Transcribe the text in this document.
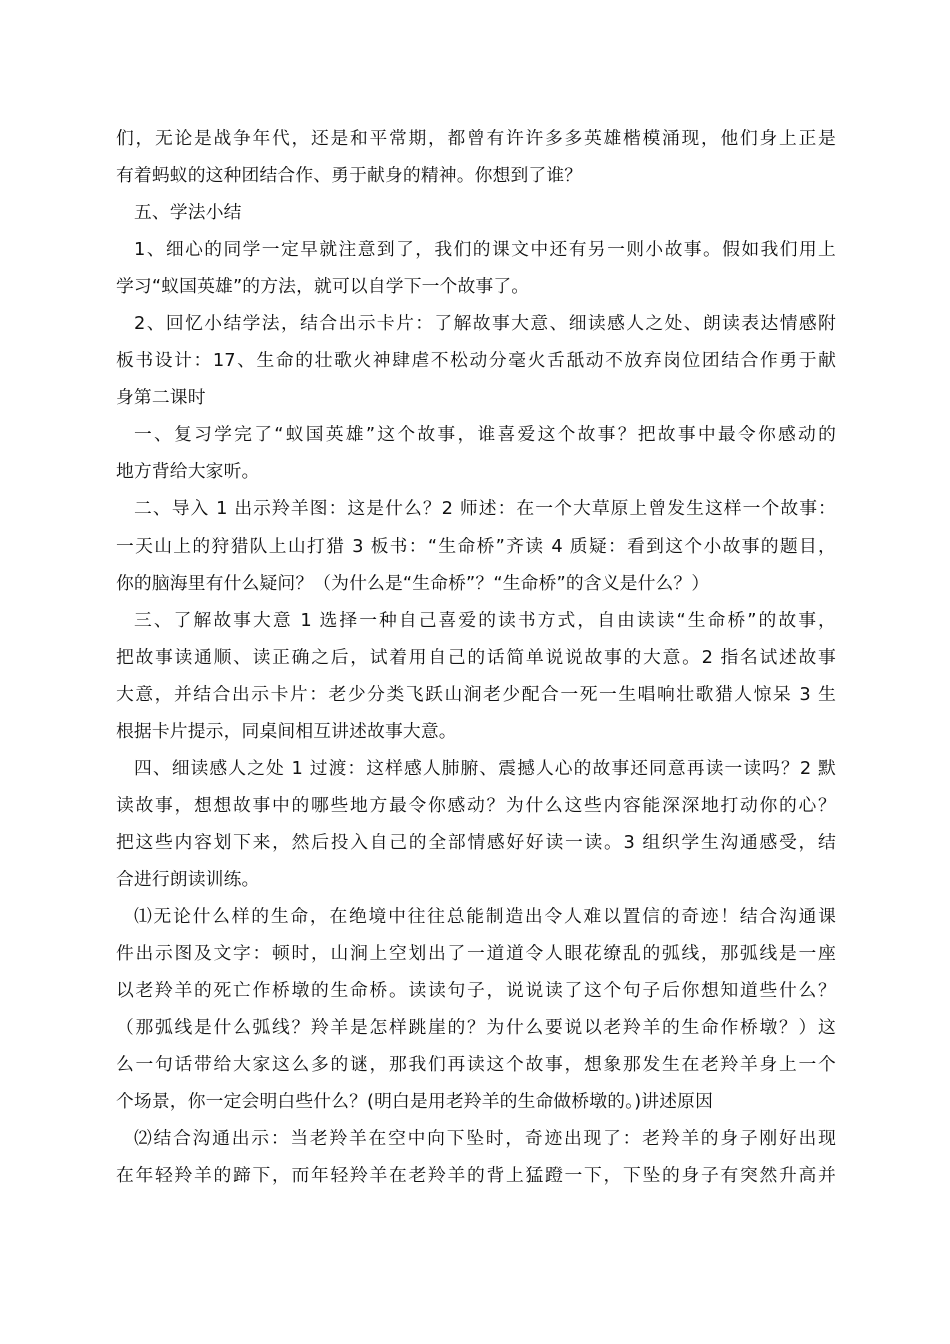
们，无论是战争年代，还是和平常期，都曾有许许多多英雄楷模涌现，他们身上正是
有着蚂蚁的这种团结合作、勇于献身的精神。你想到了谁？
五、学法小结
1、细心的同学一定早就注意到了，我们的课文中还有另一则小故事。假如我们用上
学习“蚁国英雄”的方法，就可以自学下一个故事了。
2、回忆小结学法，结合出示卡片：了解故事大意、细读感人之处、朗读表达情感附
板书设计：17、生命的壮歌火神肆虐不松动分毫火舌舐动不放弃岗位团结合作勇于献
身第二课时
一、复习学完了“蚁国英雄”这个故事，谁喜爱这个故事？把故事中最令你感动的
地方背给大家听。
二、导入 1 出示羚羊图：这是什么？2 师述：在一个大草原上曾发生这样一个故事：
一天山上的狩猎队上山打猎 3 板书：“生命桥”齐读 4 质疑：看到这个小故事的题目，
你的脑海里有什么疑问？（为什么是“生命桥”？“生命桥”的含义是什么？）
三、了解故事大意 1 选择一种自己喜爱的读书方式，自由读读“生命桥”的故事，
把故事读通顺、读正确之后，试着用自己的话简单说说故事的大意。2 指名试述故事
大意，并结合出示卡片：老少分类飞跃山涧老少配合一死一生唱响壮歌猎人惊呆 3 生
根据卡片提示，同桌间相互讲述故事大意。
四、细读感人之处 1 过渡：这样感人肺腑、震撼人心的故事还同意再读一读吗？2 默
读故事，想想故事中的哪些地方最令你感动？为什么这些内容能深深地打动你的心？
把这些内容划下来，然后投入自己的全部情感好好读一读。3 组织学生沟通感受，结
合进行朗读训练。
⑴无论什么样的生命，在绝境中往往总能制造出令人难以置信的奇迹！结合沟通课
件出示图及文字：顿时，山涧上空划出了一道道令人眼花缭乱的弧线，那弧线是一座
以老羚羊的死亡作桥墩的生命桥。读读句子，说说读了这个句子后你想知道些什么？
（那弧线是什么弧线？羚羊是怎样跳崖的？为什么要说以老羚羊的生命作桥墩？）这
么一句话带给大家这么多的谜，那我们再读这个故事，想象那发生在老羚羊身上一个
个场景，你一定会明白些什么？(明白是用老羚羊的生命做桥墩的。)讲述原因
⑵结合沟通出示：当老羚羊在空中向下坠时，奇迹出现了：老羚羊的身子刚好出现
在年轻羚羊的蹄下，而年轻羚羊在老羚羊的背上猛蹬一下，下坠的身子有突然升高并
